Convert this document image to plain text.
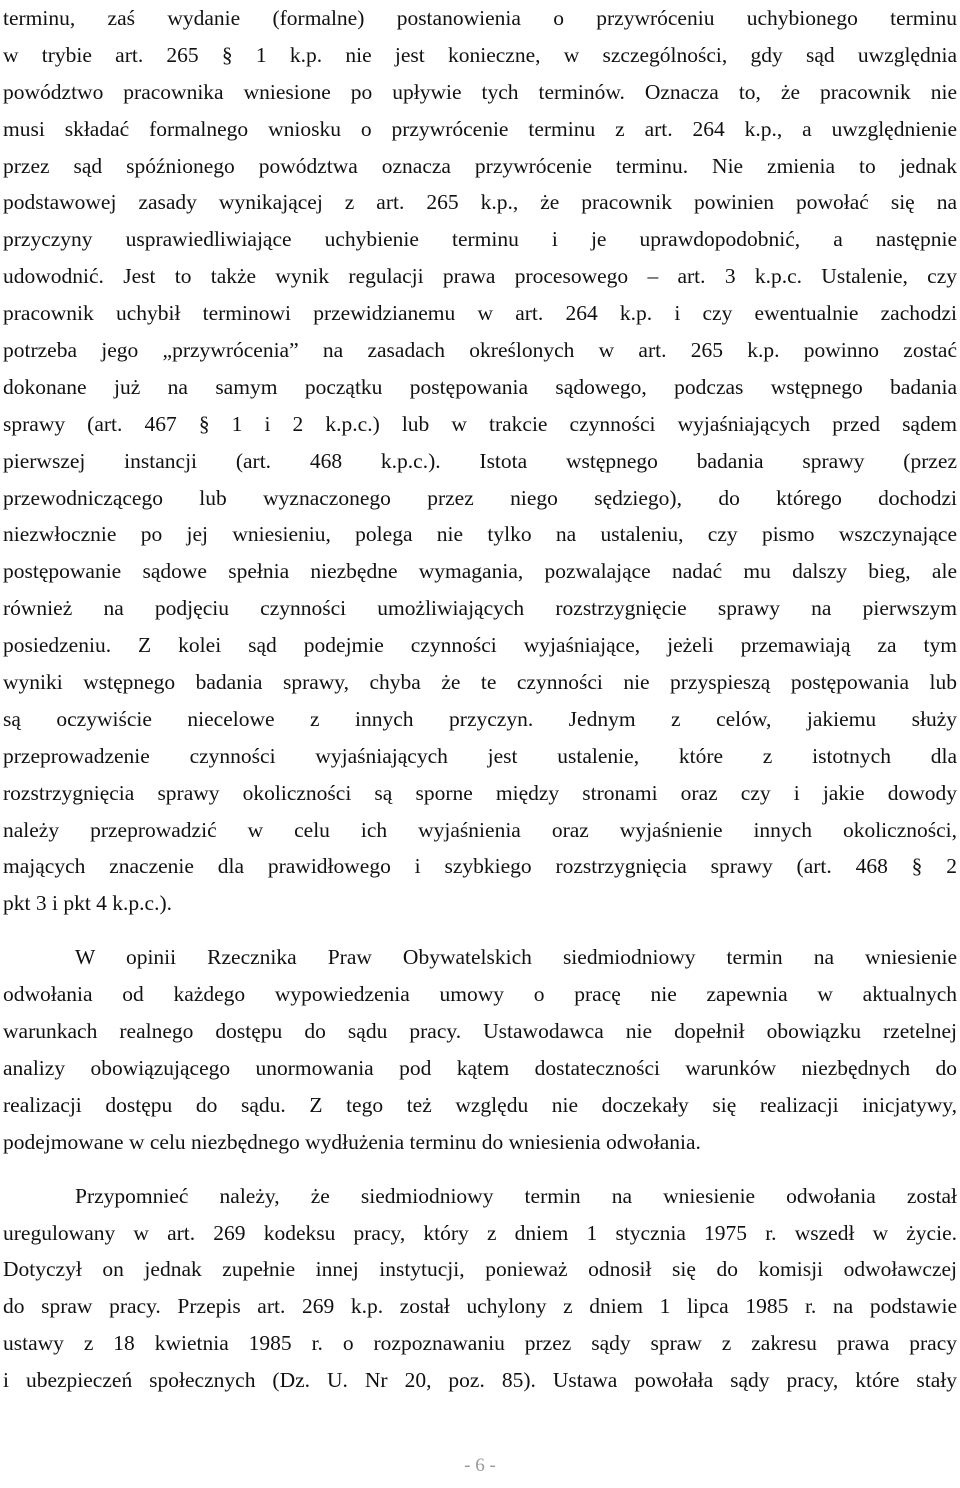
terminu, zaś wydanie (formalne) postanowienia o przywróceniu uchybionego terminu
w trybie art. 265 § 1 k.p. nie jest konieczne, w szczególności, gdy sąd uwzględnia
powództwo pracownika wniesione po upływie tych terminów. Oznacza to, że pracownik nie
musi składać formalnego wniosku o przywrócenie terminu z art. 264 k.p., a uwzględnienie
przez sąd spóźnionego powództwa oznacza przywrócenie terminu. Nie zmienia to jednak
podstawowej zasady wynikającej z art. 265 k.p., że pracownik powinien powołać się na
przyczyny usprawiedliwiające uchybienie terminu i je uprawdopodobnić, a następnie
udowodnić. Jest to także wynik regulacji prawa procesowego – art. 3 k.p.c. Ustalenie, czy
pracownik uchybił terminowi przewidzianemu w art. 264 k.p. i czy ewentualnie zachodzi
potrzeba jego „przywrócenia” na zasadach określonych w art. 265 k.p. powinno zostać
dokonane już na samym początku postępowania sądowego, podczas wstępnego badania
sprawy (art. 467 § 1 i 2 k.p.c.) lub w trakcie czynności wyjaśniających przed sądem
pierwszej instancji (art. 468 k.p.c.). Istota wstępnego badania sprawy (przez
przewodniczącego lub wyznaczonego przez niego sędziego), do którego dochodzi
niezwłocznie po jej wniesieniu, polega nie tylko na ustaleniu, czy pismo wszczynające
postępowanie sądowe spełnia niezbędne wymagania, pozwalające nadać mu dalszy bieg, ale
również na podjęciu czynności umożliwiających rozstrzygnięcie sprawy na pierwszym
posiedzeniu. Z kolei sąd podejmie czynności wyjaśniające, jeżeli przemawiają za tym
wyniki wstępnego badania sprawy, chyba że te czynności nie przyspieszą postępowania lub
są oczywiście niecelowe z innych przyczyn. Jednym z celów, jakiemu służy
przeprowadzenie czynności wyjaśniających jest ustalenie, które z istotnych dla
rozstrzygnięcia sprawy okoliczności są sporne między stronami oraz czy i jakie dowody
należy przeprowadzić w celu ich wyjaśnienia oraz wyjaśnienie innych okoliczności,
mających znaczenie dla prawidłowego i szybkiego rozstrzygnięcia sprawy (art. 468 § 2
pkt 3 i pkt 4 k.p.c.).
W opinii Rzecznika Praw Obywatelskich siedmiodniowy termin na wniesienie
odwołania od każdego wypowiedzenia umowy o pracę nie zapewnia w aktualnych
warunkach realnego dostępu do sądu pracy. Ustawodawca nie dopełnił obowiązku rzetelnej
analizy obowiązującego unormowania pod kątem dostateczności warunków niezbędnych do
realizacji dostępu do sądu. Z tego też względu nie doczekały się realizacji inicjatywy,
podejmowane w celu niezbędnego wydłużenia terminu do wniesienia odwołania.
Przypomnieć należy, że siedmiodniowy termin na wniesienie odwołania został
uregulowany w art. 269 kodeksu pracy, który z dniem 1 stycznia 1975 r. wszedł w życie.
Dotyczył on jednak zupełnie innej instytucji, ponieważ odnosił się do komisji odwoławczej
do spraw pracy. Przepis art. 269 k.p. został uchylony z dniem 1 lipca 1985 r. na podstawie
ustawy z 18 kwietnia 1985 r. o rozpoznawaniu przez sądy spraw z zakresu prawa pracy
i ubezpieczeń społecznych (Dz. U. Nr 20, poz. 85). Ustawa powołała sądy pracy, które stały
- 6 -
